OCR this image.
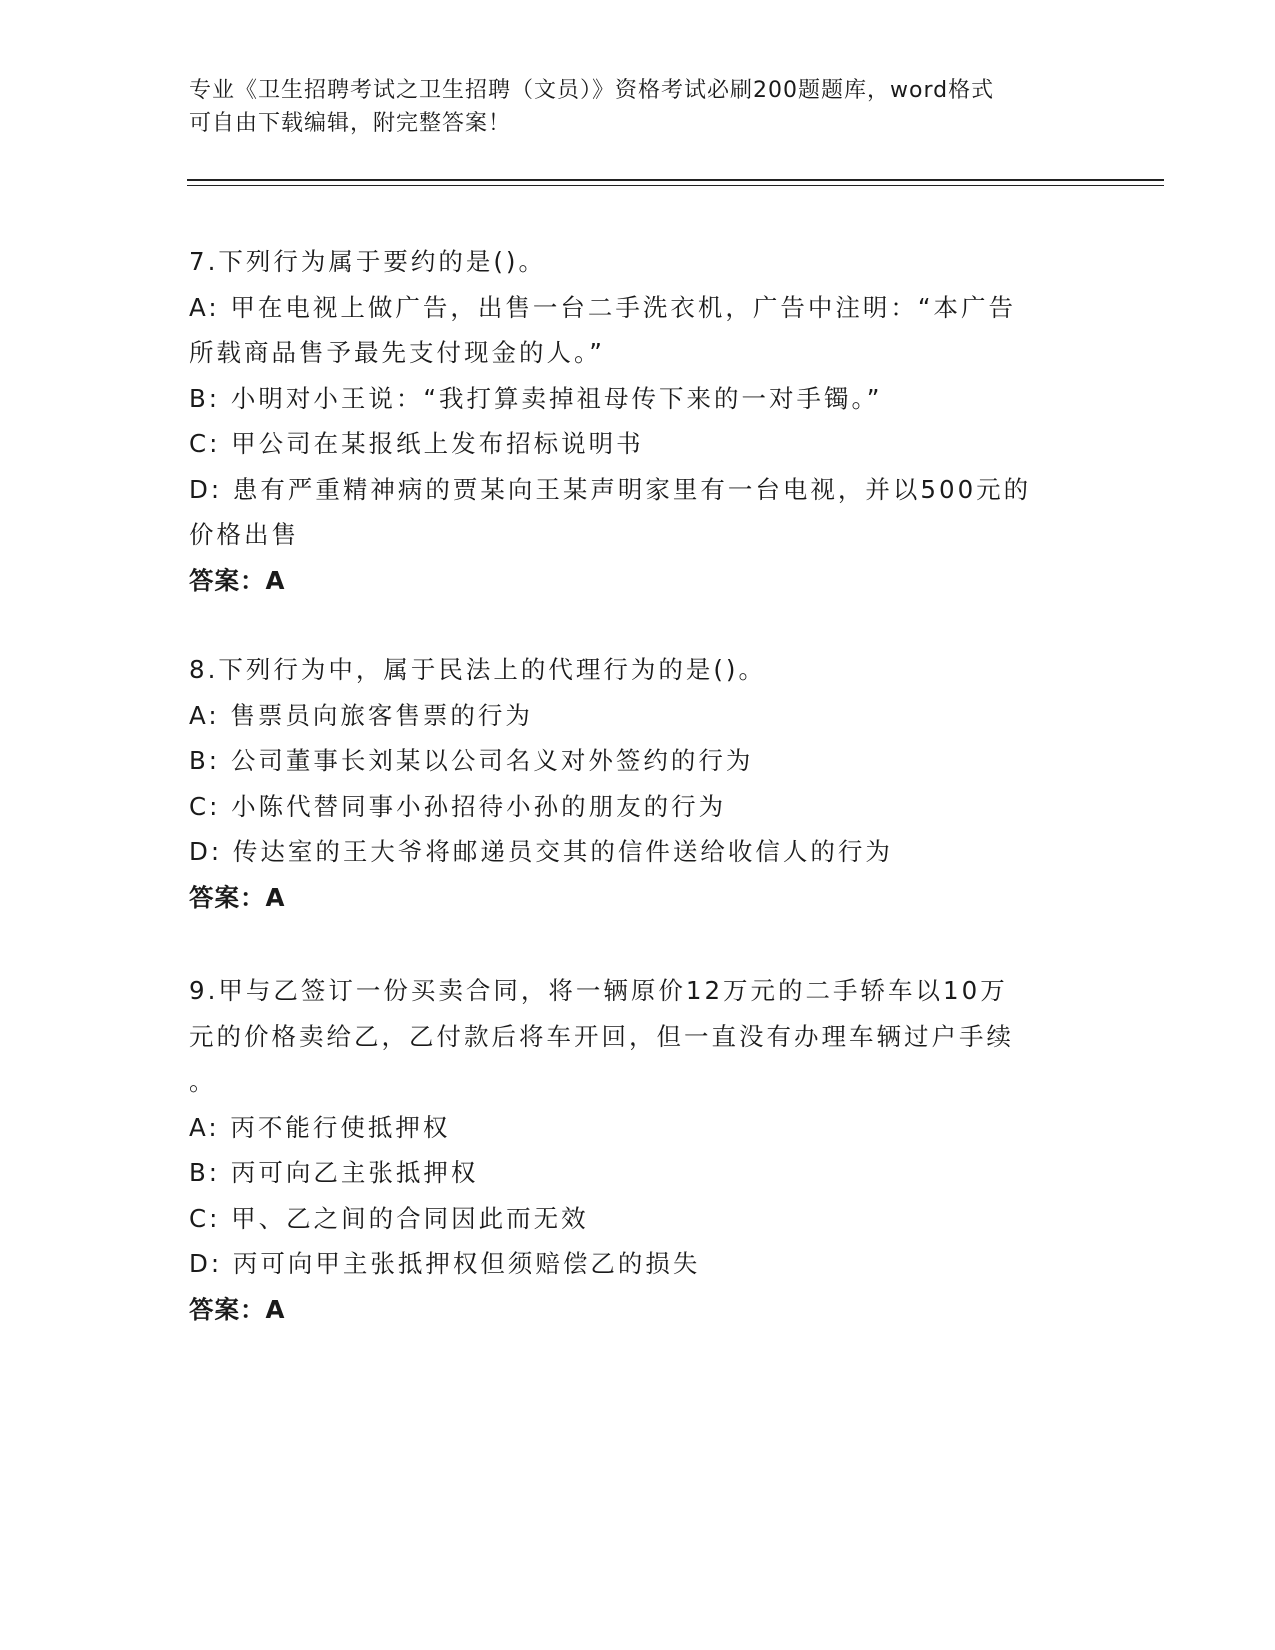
专业《卫生招聘考试之卫生招聘（文员）》资格考试必刷200题题库，word格式
可自由下载编辑，附完整答案！
7.下列行为属于要约的是()。
A: 甲在电视上做广告，出售一台二手洗衣机，广告中注明：“本广告
所载商品售予最先支付现金的人。”
B: 小明对小王说：“我打算卖掉祖母传下来的一对手镯。”
C: 甲公司在某报纸上发布招标说明书
D: 患有严重精神病的贾某向王某声明家里有一台电视，并以500元的
价格出售
答案：A
8.下列行为中，属于民法上的代理行为的是()。
A: 售票员向旅客售票的行为
B: 公司董事长刘某以公司名义对外签约的行为
C: 小陈代替同事小孙招待小孙的朋友的行为
D: 传达室的王大爷将邮递员交其的信件送给收信人的行为
答案：A
9.甲与乙签订一份买卖合同，将一辆原价12万元的二手轿车以10万
元的价格卖给乙，乙付款后将车开回，但一直没有办理车辆过户手续
。
A: 丙不能行使抵押权
B: 丙可向乙主张抵押权
C: 甲、乙之间的合同因此而无效
D: 丙可向甲主张抵押权但须赔偿乙的损失
答案：A
